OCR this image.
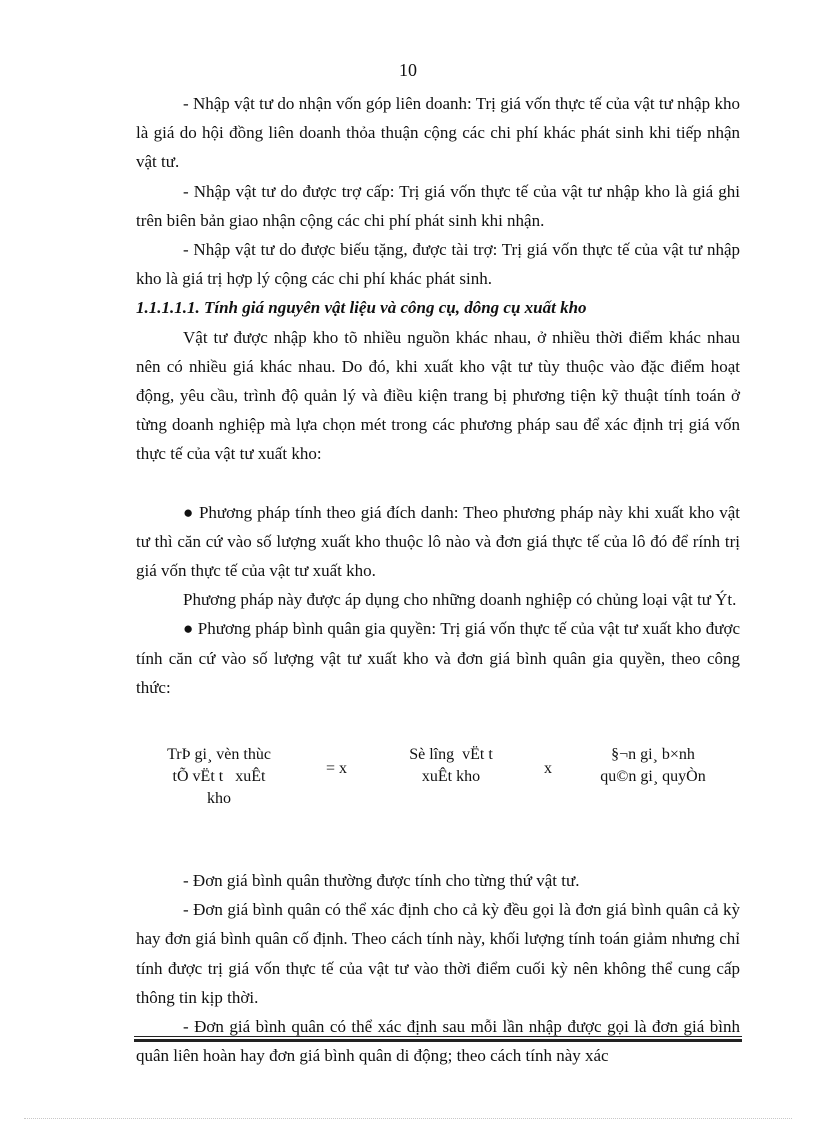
10

- Nhập vật tư do nhận vốn góp liên doanh: Trị giá vốn thực tế của vật tư nhập kho là giá do hội đồng liên doanh thỏa thuận cộng các chi phí khác phát sinh khi tiếp nhận vật tư.

- Nhập vật tư do được trợ cấp: Trị giá vốn thực tế của vật tư nhập kho là giá ghi trên biên bản giao nhận cộng các chi phí phát sinh khi nhận.

- Nhập vật tư do được biếu tặng, được tài trợ: Trị giá vốn thực tế của vật tư nhập kho là giá trị hợp lý cộng các chi phí khác phát sinh.

1.1.1.1.1. Tính giá nguyên vật liệu và công cụ, dông cụ xuất kho

Vật tư được nhập kho tõ nhiều nguồn khác nhau, ở nhiều thời điểm khác nhau nên có nhiều giá khác nhau. Do đó, khi xuất kho vật tư tùy thuộc vào đặc điểm hoạt động, yêu cầu, trình độ quản lý và điều kiện trang bị phương tiện kỹ thuật tính toán ở từng doanh nghiệp mà lựa chọn mét trong các phương pháp sau để xác định trị giá vốn thực tế của vật tư xuất kho:

● Phương pháp tính theo giá đích danh: Theo phương pháp này khi xuất kho vật tư thì căn cứ vào số lượng xuất kho thuộc lô nào và đơn giá thực tế của lô đó để rính trị giá vốn thực tế của vật tư xuất kho.

Phương pháp này được áp dụng cho những doanh nghiệp có chủng loại vật tư Ýt.

● Phương pháp bình quân gia quyền: Trị giá vốn thực tế của vật tư xuất kho được tính căn cứ vào số lượng vật tư xuất kho và đơn giá bình quân gia quyền, theo công thức:

TrÞ gi¸ vèn thùc
tÕ vËt t   xuÊt
kho
= x
Sè lîng  vËt t
xuÊt kho	x
§¬n gi¸ b×nh
qu©n gi¸ quyÒn

- Đơn giá bình quân thường được tính cho từng thứ vật tư.

- Đơn giá bình quân có thể xác định cho cả kỳ đều gọi là đơn giá bình quân cả kỳ hay đơn giá bình quân cố định. Theo cách tính này, khối lượng tính toán giảm nhưng chỉ tính được trị giá vốn thực tế của vật tư vào thời điểm cuối kỳ nên không thể cung cấp thông tin kịp thời.

- Đơn giá bình quân có thể xác định sau mỗi lần nhập được gọi là đơn giá bình quân liên hoàn hay đơn giá bình quân di động; theo cách tính này xác
